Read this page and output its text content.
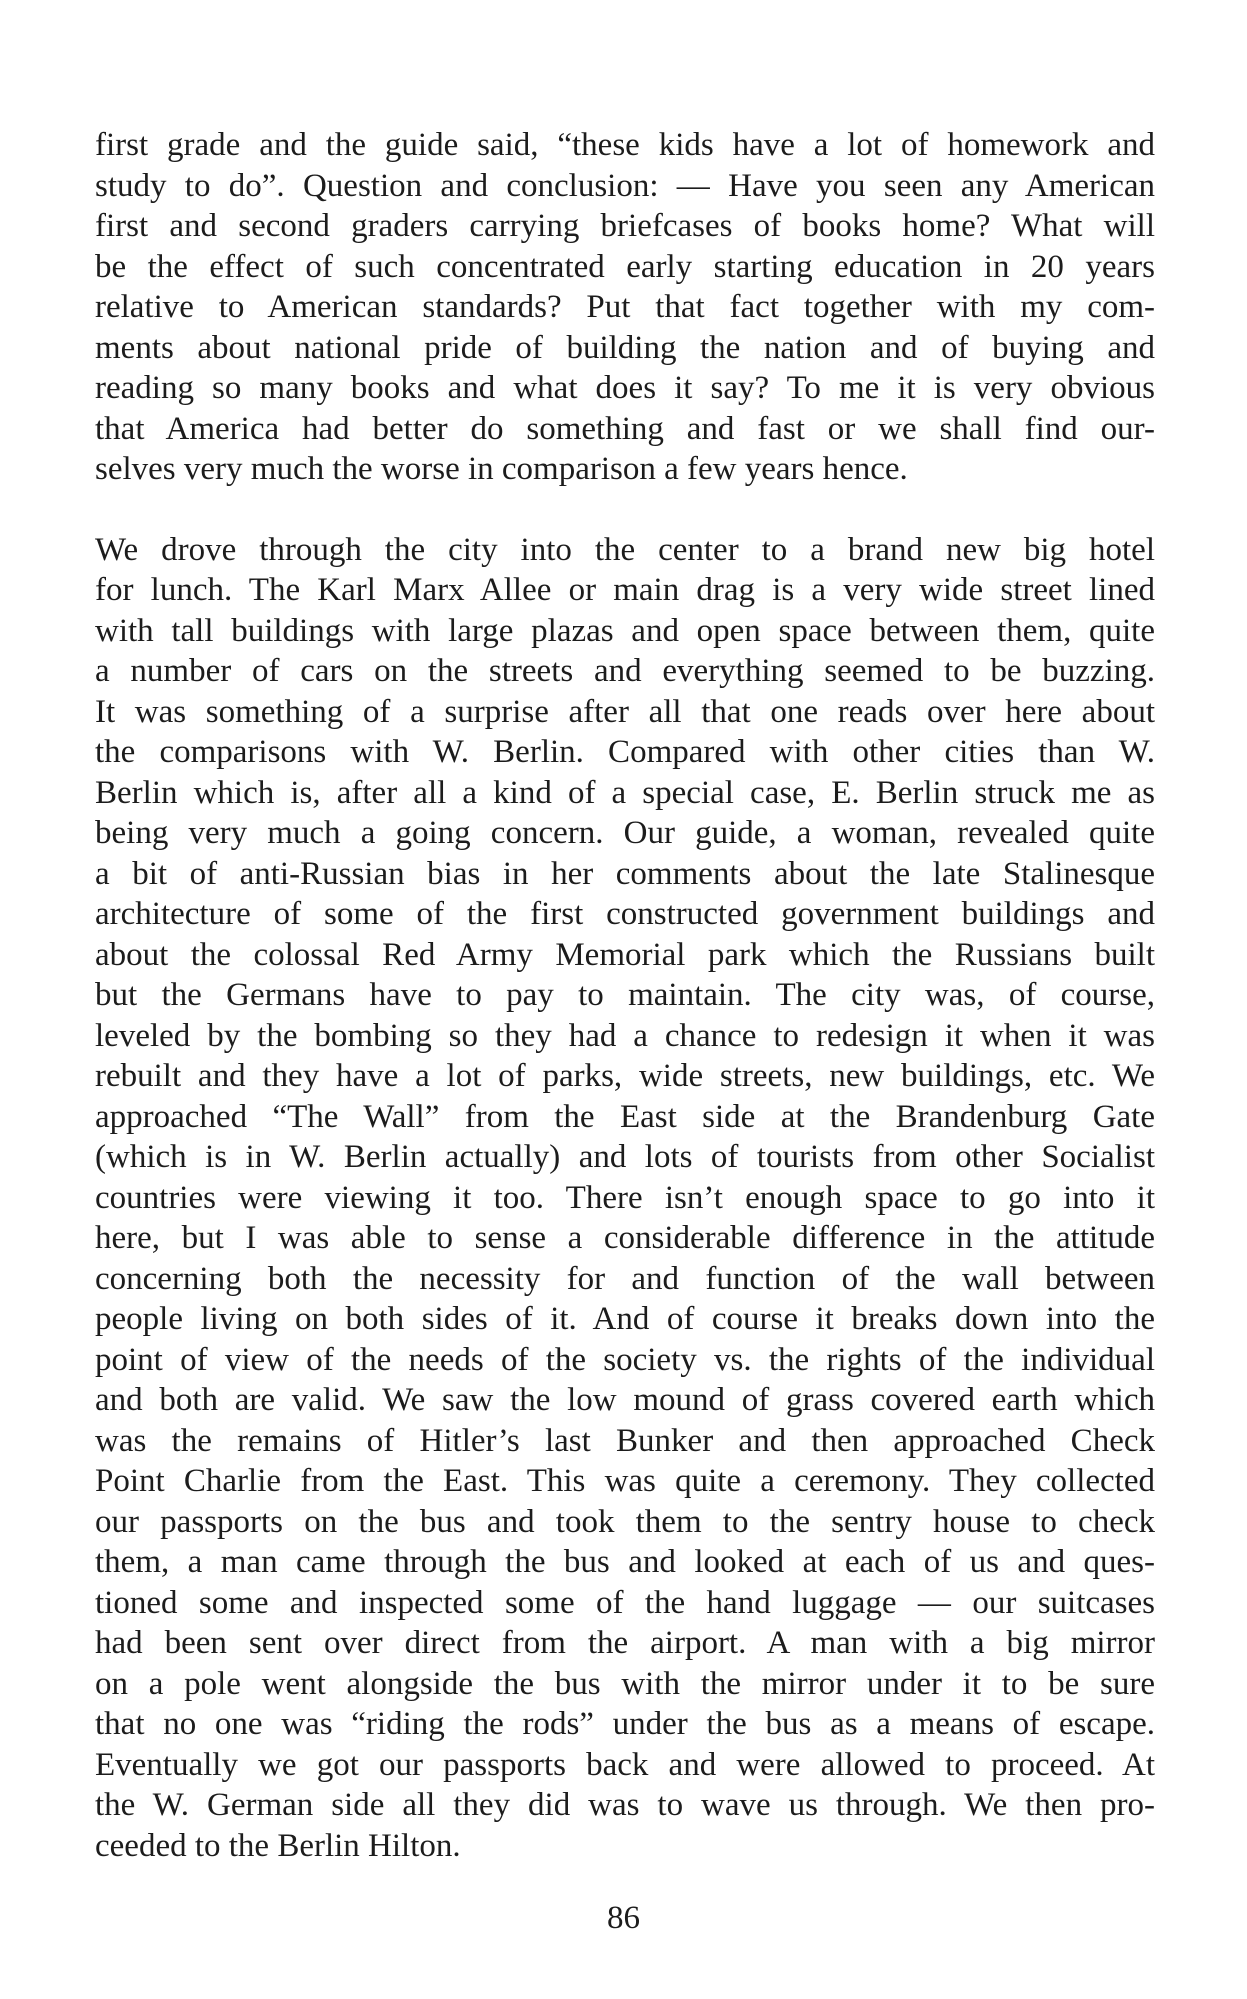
first grade and the guide said, “these kids have a lot of homework and
study to do”. Question and conclusion: — Have you seen any American
first and second graders carrying briefcases of books home? What will
be the effect of such concentrated early starting education in 20 years
relative to American standards? Put that fact together with my com-
ments about national pride of building the nation and of buying and
reading so many books and what does it say? To me it is very obvious
that America had better do something and fast or we shall find our-
selves very much the worse in comparison a few years hence.
We drove through the city into the center to a brand new big hotel
for lunch. The Karl Marx Allee or main drag is a very wide street lined
with tall buildings with large plazas and open space between them, quite
a number of cars on the streets and everything seemed to be buzzing.
It was something of a surprise after all that one reads over here about
the comparisons with W. Berlin. Compared with other cities than W.
Berlin which is, after all a kind of a special case, E. Berlin struck me as
being very much a going concern. Our guide, a woman, revealed quite
a bit of anti-Russian bias in her comments about the late Stalinesque
architecture of some of the first constructed government buildings and
about the colossal Red Army Memorial park which the Russians built
but the Germans have to pay to maintain. The city was, of course,
leveled by the bombing so they had a chance to redesign it when it was
rebuilt and they have a lot of parks, wide streets, new buildings, etc. We
approached “The Wall” from the East side at the Brandenburg Gate
(which is in W. Berlin actually) and lots of tourists from other Socialist
countries were viewing it too. There isn’t enough space to go into it
here, but I was able to sense a considerable difference in the attitude
concerning both the necessity for and function of the wall between
people living on both sides of it. And of course it breaks down into the
point of view of the needs of the society vs. the rights of the individual
and both are valid. We saw the low mound of grass covered earth which
was the remains of Hitler’s last Bunker and then approached Check
Point Charlie from the East. This was quite a ceremony. They collected
our passports on the bus and took them to the sentry house to check
them, a man came through the bus and looked at each of us and ques-
tioned some and inspected some of the hand luggage — our suitcases
had been sent over direct from the airport. A man with a big mirror
on a pole went alongside the bus with the mirror under it to be sure
that no one was “riding the rods” under the bus as a means of escape.
Eventually we got our passports back and were allowed to proceed. At
the W. German side all they did was to wave us through. We then pro-
ceeded to the Berlin Hilton.
86
